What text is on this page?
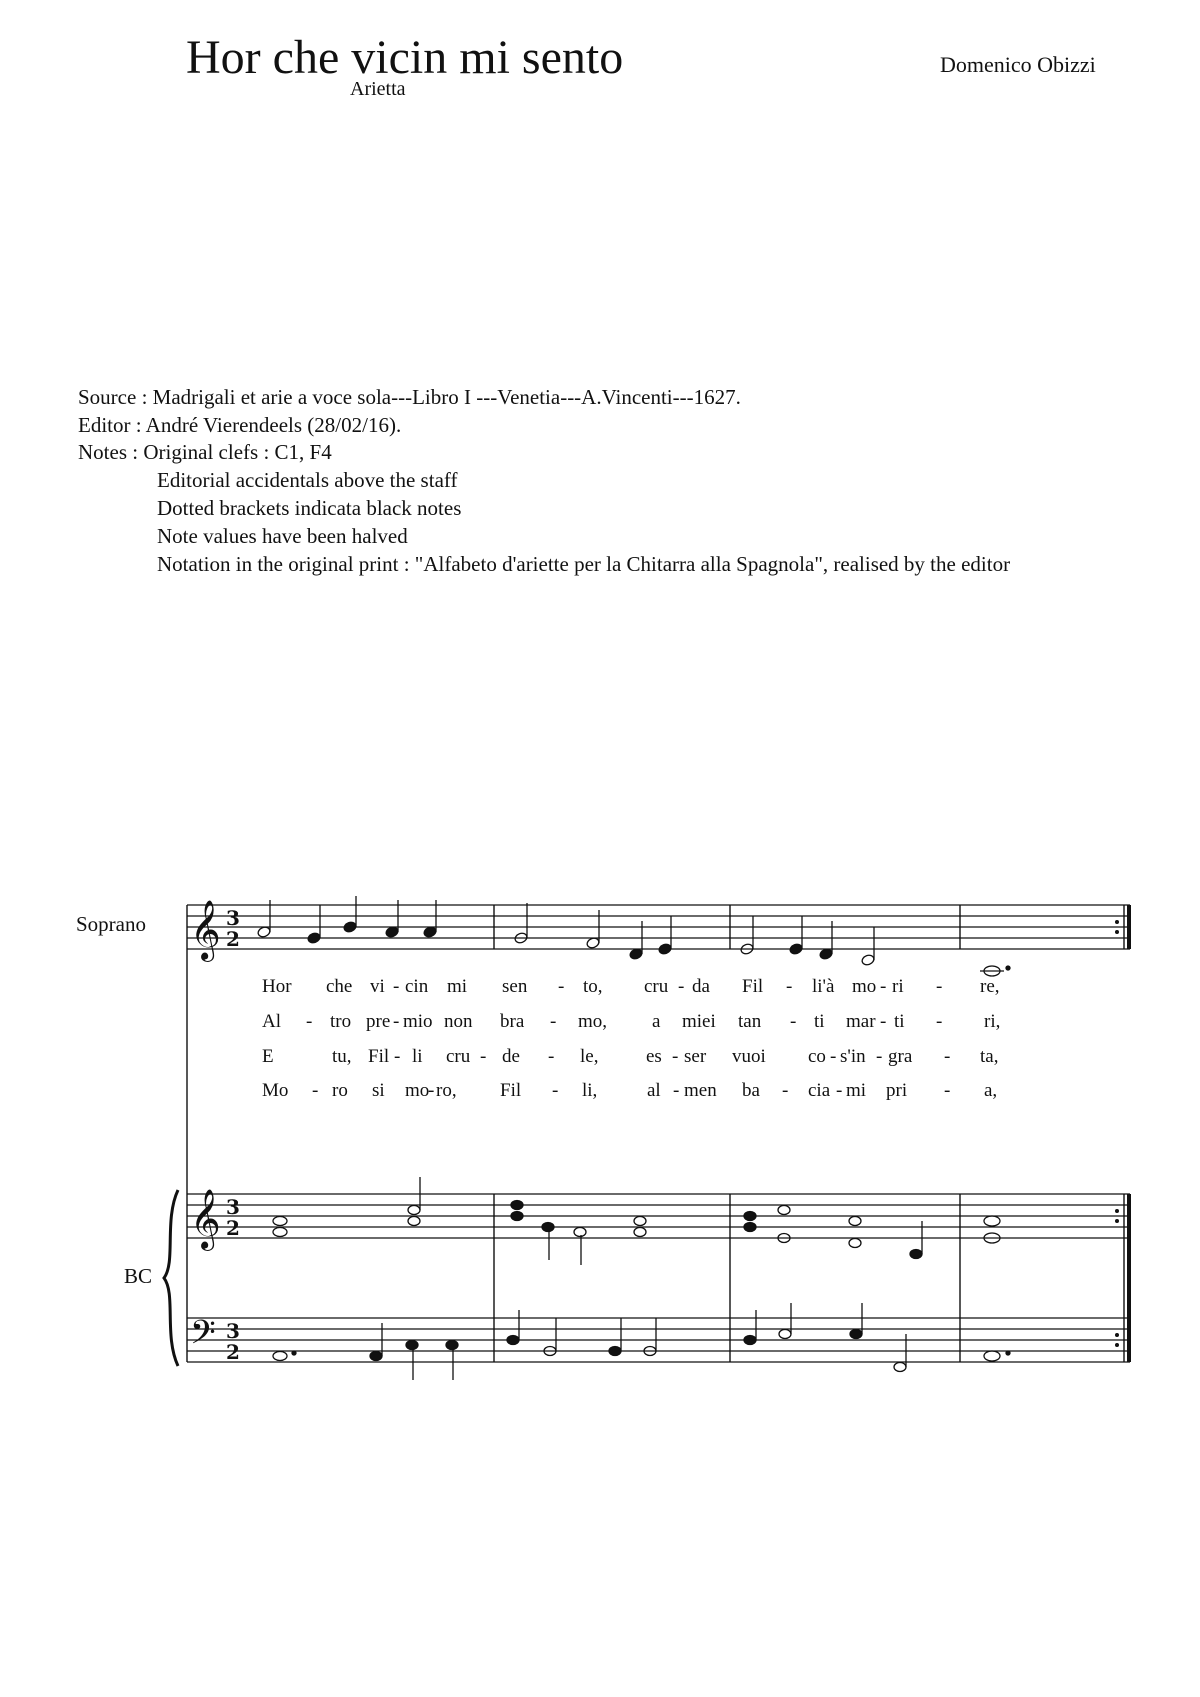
Hor che vicin mi sento
Arietta
Domenico Obizzi
Source : Madrigali et arie a voce sola---Libro I ---Venetia---A.Vincenti---1627.
Editor : André Vierendeels (28/02/16).
Notes : Original clefs : C1, F4
Editorial accidentals above the staff
Dotted brackets indicata black notes
Note values have been halved
Notation in the original print : "Alfabeto d'ariette per la Chitarra alla Spagnola", realised by the editor
Soprano
BC
𝄞
𝄞
𝄢
3
2
3
2
3
2
Hor che vi - cin mi sen - to, cru - da Fil - li'à mo - ri - re,
Al - tro pre - mio non bra - mo, a miei tan - ti mar - ti - ri,
E	tu, Fil - li cru - de - le,	es - ser vuoi co - s'in - gra - ta,
Mo - ro si mo
- ro, Fil - li,	al - men ba - cia - mi pri - a,
